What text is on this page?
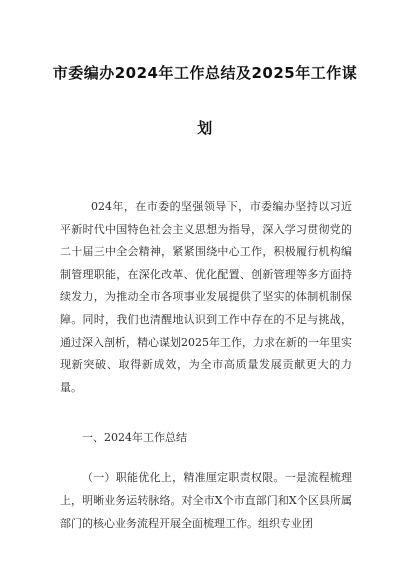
市委编办2024年工作总结及2025年工作谋
划

024年，在市委的坚强领导下，市委编办坚持以习近平新时代中国特色社会主义思想为指导，深入学习贯彻党的二十届三中全会精神，紧紧围绕中心工作，积极履行机构编制管理职能，在深化改革、优化配置、创新管理等多方面持续发力，为推动全市各项事业发展提供了坚实的体制机制保障。同时，我们也清醒地认识到工作中存在的不足与挑战，通过深入剖析，精心谋划2025年工作，力求在新的一年里实现新突破、取得新成效，为全市高质量发展贡献更大的力量。

一、2024年工作总结

（一）职能优化上，精准厘定职责权限。一是流程梳理上，明晰业务运转脉络。对全市X个市直部门和X个区县所属部门的核心业务流程开展全面梳理工作。组织专业团
